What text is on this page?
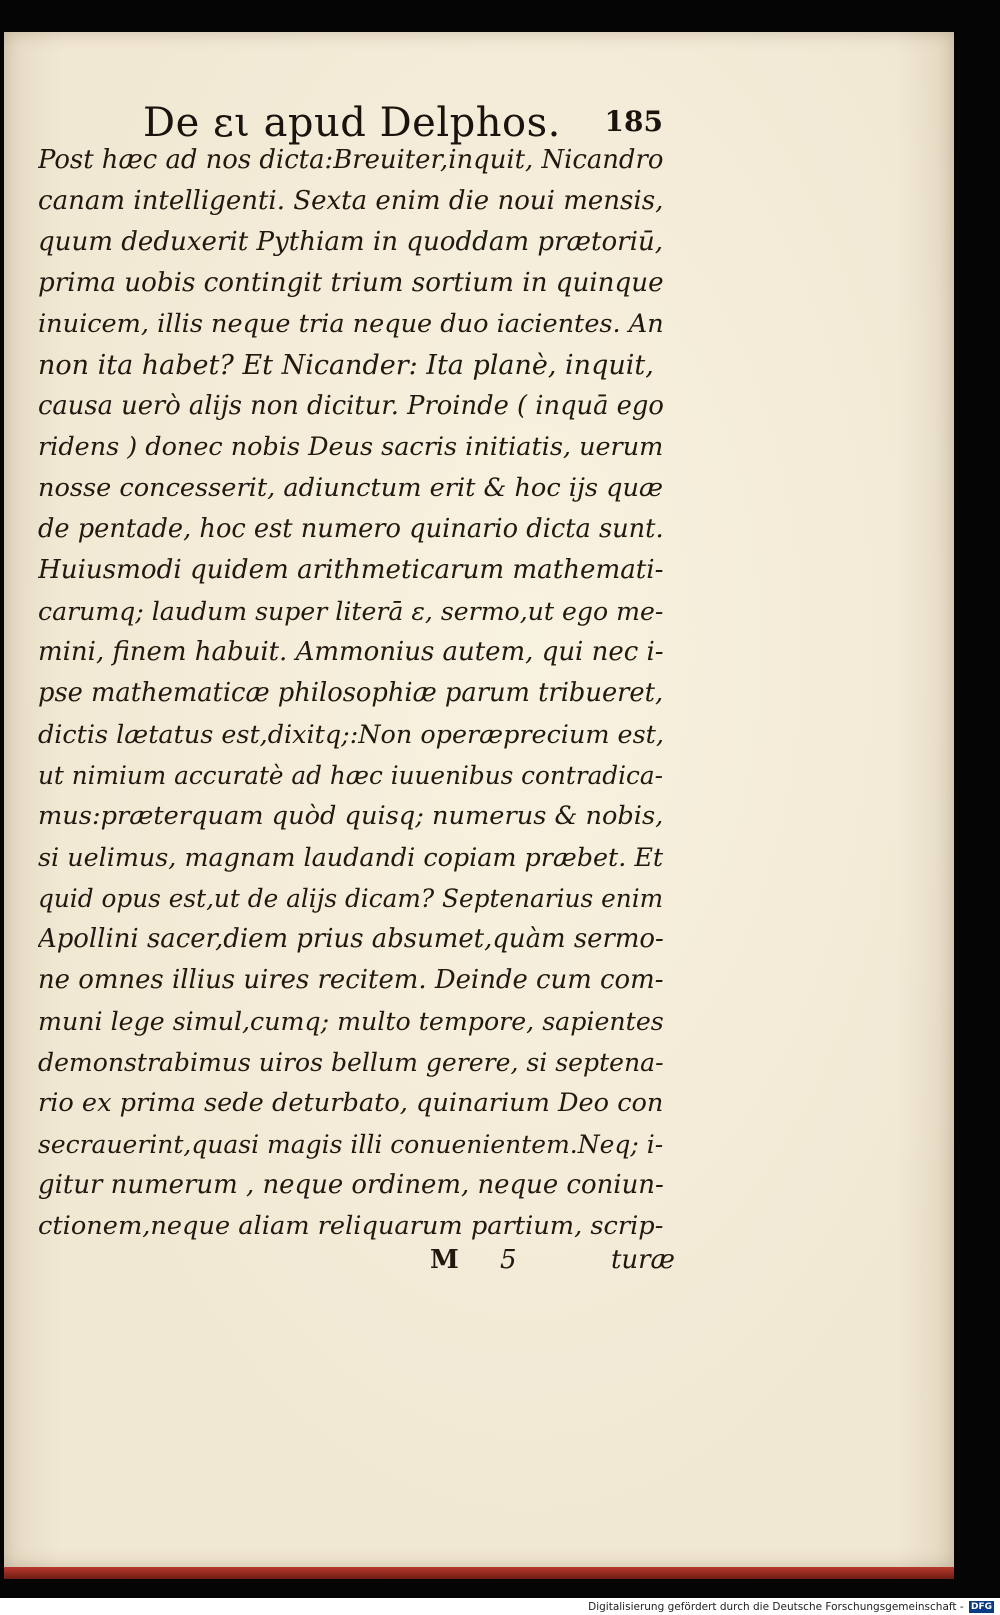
De ει apud Delphos. 185
Post hæc ad nos dicta:Breuiter,inquit, Nicandro
canam intelligenti. Sexta enim die noui mensis,
quum deduxerit Pythiam in quoddam prætoriū,
prima uobis contingit trium sortium in quinque
inuicem, illis neque tria neque duo iacientes. An
non ita habet? Et Nicander: Ita planè, inquit,
causa uerò alijs non dicitur. Proinde ( inquā ego
ridens ) donec nobis Deus sacris initiatis, uerum
nosse concesserit, adiunctum erit & hoc ijs quæ
de pentade, hoc est numero quinario dicta sunt.
Huiusmodi quidem arithmeticarum mathemati-
carumq; laudum super literā ε, sermo,ut ego me-
mini, finem habuit. Ammonius autem, qui nec i-
pse mathematicæ philosophiæ parum tribueret,
dictis lætatus est,dixitq;:Non operæprecium est,
ut nimium accuratè ad hæc iuuenibus contradica-
mus:præterquam quòd quisq; numerus & nobis,
si uelimus, magnam laudandi copiam præbet. Et
quid opus est,ut de alijs dicam? Septenarius enim
Apollini sacer,diem prius absumet,quàm sermo-
ne omnes illius uires recitem. Deinde cum com-
muni lege simul,cumq; multo tempore, sapientes
demonstrabimus uiros bellum gerere, si septena-
rio ex prima sede deturbato, quinarium Deo con
secrauerint,quasi magis illi conuenientem.Neq; i-
gitur numerum , neque ordinem, neque coniun-
ctionem,neque aliam reliquarum partium, scrip-
M 5	turæ
Digitalisierung gefördert durch die Deutsche Forschungsgemeinschaft - DFG
